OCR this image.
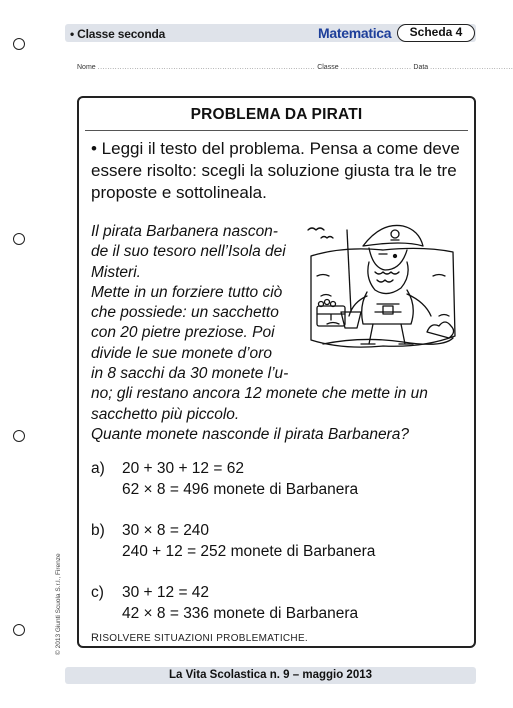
• Classe seconda	Matematica	Scheda 4
Nome ......................................................................................... Classe ............................. Data ..................................
PROBLEMA DA PIRATI
• Leggi il testo del problema. Pensa a come deve essere risolto: scegli la soluzione giusta tra le tre proposte e sottolineala.
Il pirata Barbanera nascon-
de il suo tesoro nell’Isola dei
Misteri.
Mette in un forziere tutto ciò
che possiede: un sacchetto
con 20 pietre preziose. Poi
divide le sue monete d’oro
in 8 sacchi da 30 monete l’u-
no; gli restano ancora 12 monete che mette in un
sacchetto più piccolo.
Quante monete nasconde il pirata Barbanera?
a) 20 + 30 + 12 = 62
62 × 8 = 496 monete di Barbanera
b) 30 × 8 = 240
240 + 12 = 252 monete di Barbanera
c) 30 + 12 = 42
42 × 8 = 336 monete di Barbanera
RISOLVERE SITUAZIONI PROBLEMATICHE.
© 2013 Giunti Scuola S.r.l., Firenze
La Vita Scolastica n. 9 – maggio 2013
